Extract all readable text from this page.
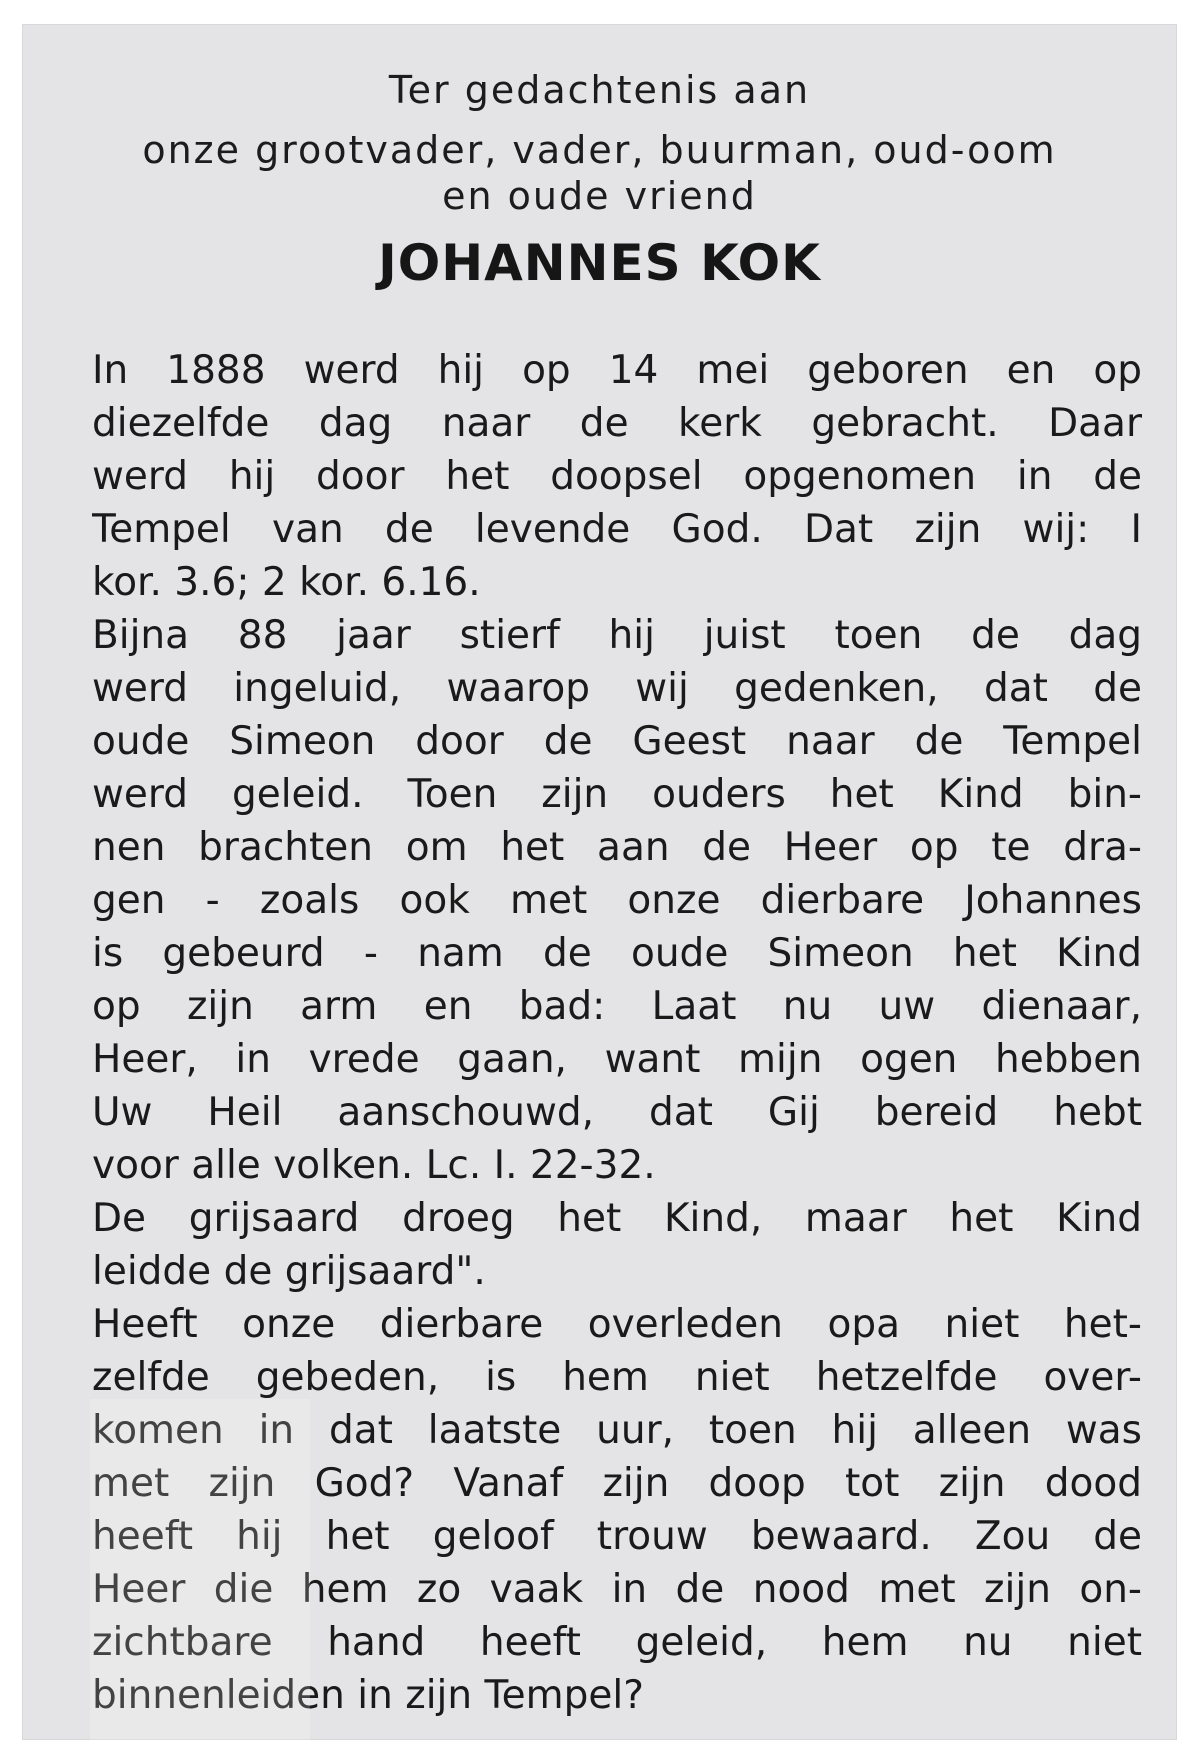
Ter gedachtenis aan
onze grootvader, vader, buurman, oud-oom
en oude vriend
JOHANNES KOK
In 1888 werd hij op 14 mei geboren en op
diezelfde dag naar de kerk gebracht. Daar
werd hij door het doopsel opgenomen in de
Tempel van de levende God. Dat zijn wij: I
kor. 3.6; 2 kor. 6.16.
Bijna 88 jaar stierf hij juist toen de dag
werd ingeluid, waarop wij gedenken, dat de
oude Simeon door de Geest naar de Tempel
werd geleid. Toen zijn ouders het Kind bin-
nen brachten om het aan de Heer op te dra-
gen - zoals ook met onze dierbare Johannes
is gebeurd - nam de oude Simeon het Kind
op zijn arm en bad: Laat nu uw dienaar,
Heer, in vrede gaan, want mijn ogen hebben
Uw Heil aanschouwd, dat Gij bereid hebt
voor alle volken. Lc. I. 22-32.
De grijsaard droeg het Kind, maar het Kind
leidde de grijsaard".
Heeft onze dierbare overleden opa niet het-
zelfde gebeden, is hem niet hetzelfde over-
komen in dat laatste uur, toen hij alleen was
met zijn God? Vanaf zijn doop tot zijn dood
heeft hij het geloof trouw bewaard. Zou de
Heer die hem zo vaak in de nood met zijn on-
zichtbare hand heeft geleid, hem nu niet
binnenleiden in zijn Tempel?
